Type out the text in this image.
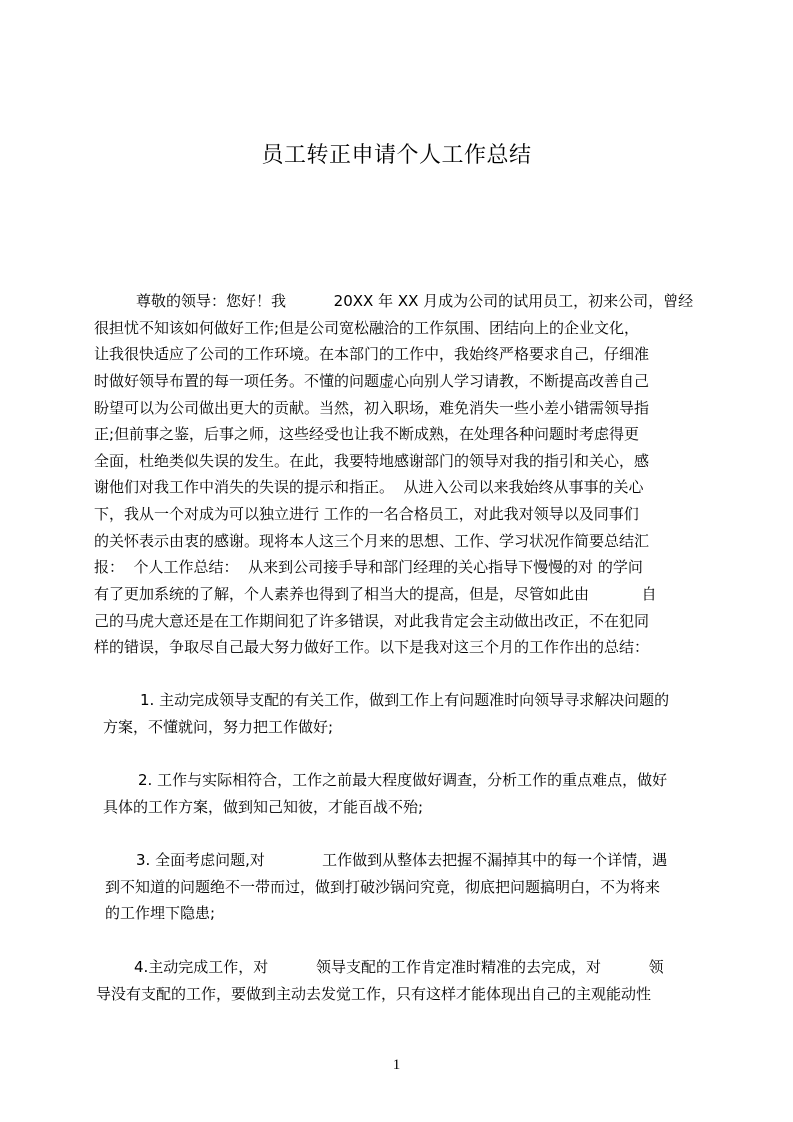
员工转正申请个人工作总结

尊敬的领导：您好！我          20XX 年 XX 月成为公司的试用员工，初来公司，曾经

很担忧不知该如何做好工作;但是公司宽松融洽的工作氛围、团结向上的企业文化，

让我很快适应了公司的工作环境。在本部门的工作中，我始终严格要求自己，仔细准

时做好领导布置的每一项任务。不懂的问题虚心向别人学习请教，不断提高改善自己

盼望可以为公司做出更大的贡献。当然，初入职场，难免消失一些小差小错需领导指

正;但前事之鉴，后事之师，这些经受也让我不断成熟，在处理各种问题时考虑得更

全面，杜绝类似失误的发生。在此，我要特地感谢部门的领导对我的指引和关心，感

谢他们对我工作中消失的失误的提示和指正。  从进入公司以来我始终从事事的关心

下，我从一个对成为可以独立进行 工作的一名合格员工，对此我对领导以及同事们

的关怀表示由衷的感谢。现将本人这三个月来的思想、工作、学习状况作简要总结汇

报：  个人工作总结：  从来到公司接手导和部门经理的关心指导下慢慢的对 的学问

有了更加系统的了解，个人素养也得到了相当大的提高，但是，尽管如此由           自

己的马虎大意还是在工作期间犯了许多错误，对此我肯定会主动做出改正，不在犯同

样的错误，争取尽自己最大努力做好工作。以下是我对这三个月的工作作出的总结：

1. 主动完成领导支配的有关工作，做到工作上有问题准时向领导寻求解决问题的

方案，不懂就问，努力把工作做好;

2. 工作与实际相符合，工作之前最大程度做好调查，分析工作的重点难点，做好

具体的工作方案，做到知己知彼，才能百战不殆;

3. 全面考虑问题,对            工作做到从整体去把握不漏掉其中的每一个详情，遇

到不知道的问题绝不一带而过，做到打破沙锅问究竟，彻底把问题搞明白，不为将来

的工作埋下隐患;

4.主动完成工作，对          领导支配的工作肯定准时精准的去完成，对          领

导没有支配的工作，要做到主动去发觉工作，只有这样才能体现出自己的主观能动性

1
